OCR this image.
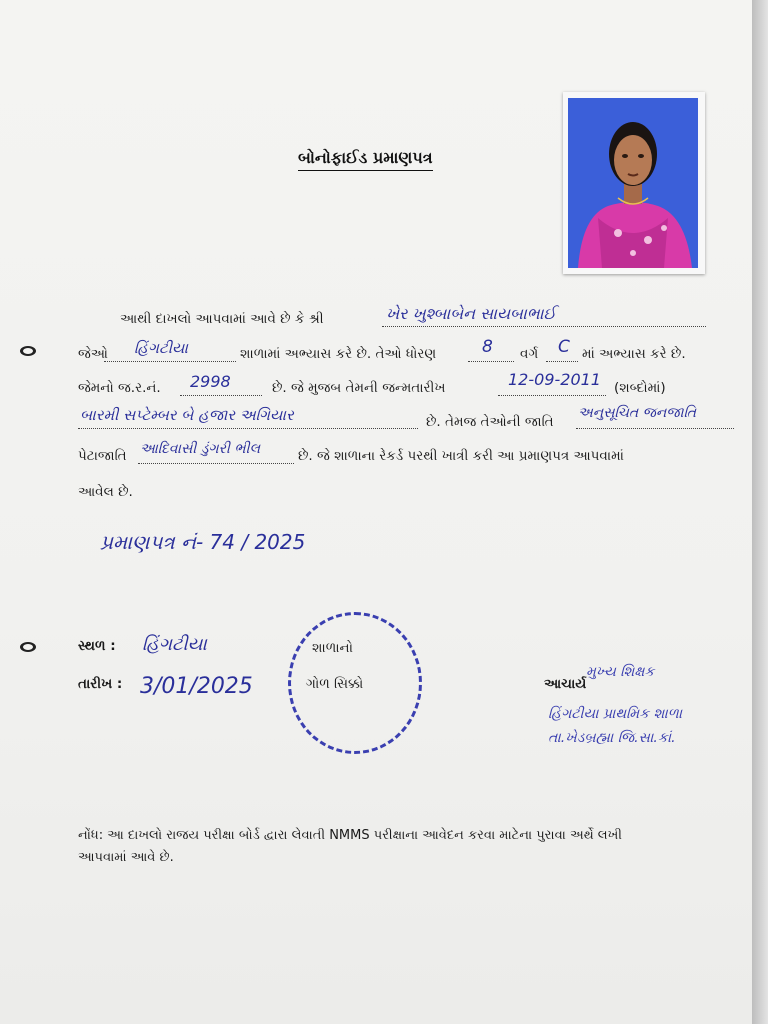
બોનોફાઈડ પ્રમાણપત્ર
આથી દાખલો આપવામાં આવે છે કે શ્રી	ખેર ખુશ્બાબેન સાયબાભાઈ
જેઓ હિંગટીયા	શાળામાં અભ્યાસ કરે છે. તેઓ ધોરણ	8 વર્ગ C માં અભ્યાસ કરે છે.
જેમનો જ.ર.નં. 2998	છે. જે મુજબ તેમની જન્મતારીખ	12-09-2011 (શબ્દોમાં)
બારમી સપ્ટેમ્બર બે હજાર અગિયાર	છે. તેમજ તેઓની જાતિ
અનુસૂચિત જનજાતિ
પેટાજાતિ આદિવાસી ડુંગરી ભીલ	છે. જે શાળાના રેકર્ડ પરથી ખાત્રી કરી આ પ્રમાણપત્ર આપવામાં
આવેલ છે.
પ્રમાણપત્ર નં- 74 / 2025
સ્થળ : હિંગટીયા
તારીખ : 3/01/2025
શાળાનો
ગોળ સિક્કો	આચાર્ય
મુખ્ય શિક્ષક
હિંગટીયા પ્રાથમિક શાળા
તા.ખેડબ્રહ્મા જિ.સા.કાં.
નોંધ: આ દાખલો રાજય પરીક્ષા બોર્ડ દ્વારા લેવાતી NMMS પરીક્ષાના આવેદન કરવા માટેના પુરાવા અર્થે લખી
આપવામાં આવે છે.
